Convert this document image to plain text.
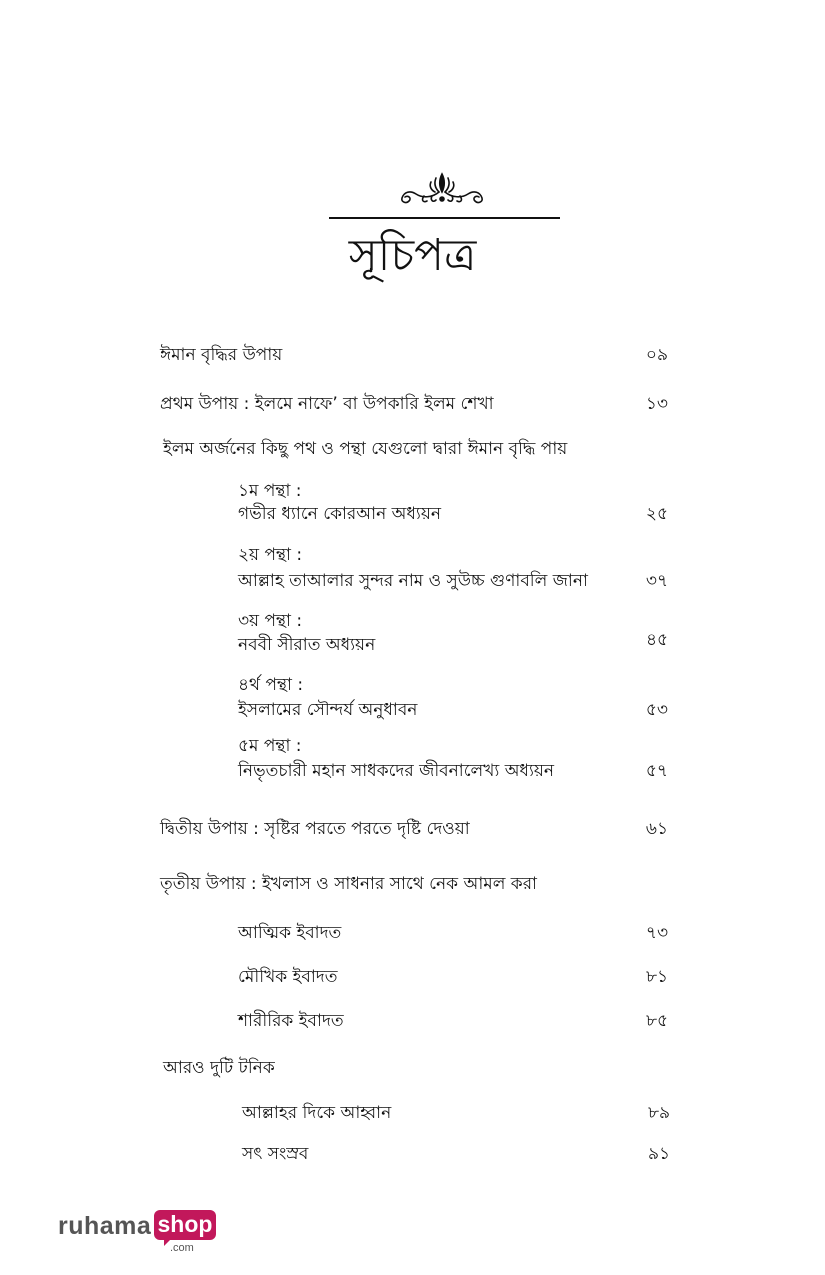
সূচিপত্র
ঈমান বৃদ্ধির উপায়	০৯
প্রথম উপায় : ইলমে নাফে’ বা উপকারি ইলম শেখা	১৩
ইলম অর্জনের কিছু পথ ও পন্থা যেগুলো দ্বারা ঈমান বৃদ্ধি পায়
১ম পন্থা :
গভীর ধ্যানে কোরআন অধ্যয়ন	২৫
২য় পন্থা :
আল্লাহ তাআলার সুন্দর নাম ও সুউচ্চ গুণাবলি জানা	৩৭
৩য় পন্থা :
নববী সীরাত অধ্যয়ন	৪৫
৪র্থ পন্থা :
ইসলামের সৌন্দর্য অনুধাবন	৫৩
৫ম পন্থা :
নিভৃতচারী মহান সাধকদের জীবনালেখ্য অধ্যয়ন	৫৭
দ্বিতীয় উপায় : সৃষ্টির পরতে পরতে দৃষ্টি দেওয়া	৬১
তৃতীয় উপায় : ইখলাস ও সাধনার সাথে নেক আমল করা
আত্মিক ইবাদত	৭৩
মৌখিক ইবাদত	৮১
শারীরিক ইবাদত	৮৫
আরও দুটি টনিক
আল্লাহর দিকে আহ্বান	৮৯
সৎ সংস্রব	৯১
ruhama shop
.com
